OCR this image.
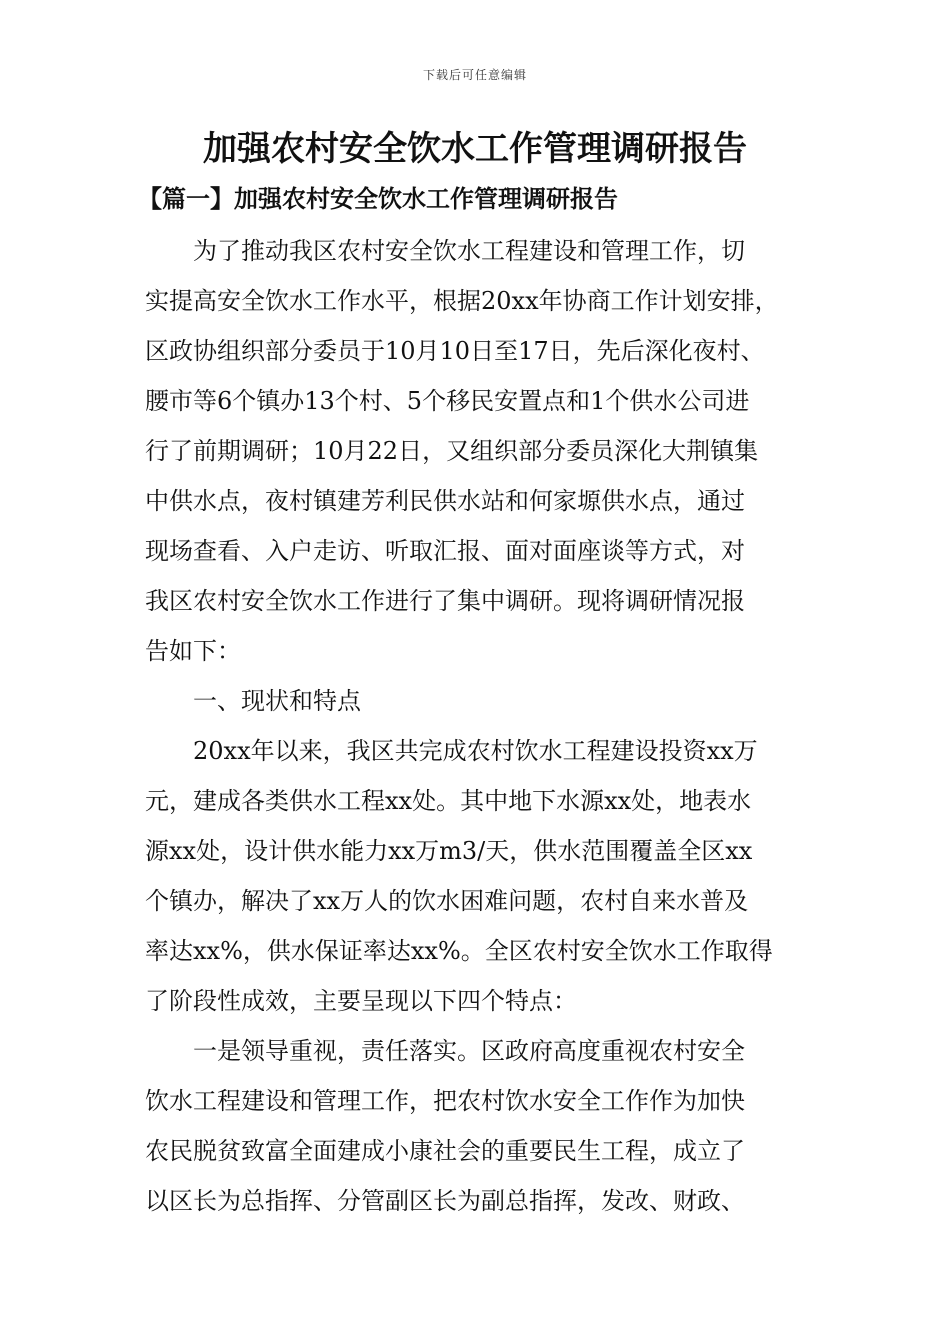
下载后可任意编辑
加强农村安全饮水工作管理调研报告
【篇一】加强农村安全饮水工作管理调研报告
为了推动我区农村安全饮水工程建设和管理工作，切
实提高安全饮水工作水平，根据20xx年协商工作计划安排，
区政协组织部分委员于10月10日至17日，先后深化夜村、
腰市等6个镇办13个村、5个移民安置点和1个供水公司进
行了前期调研；10月22日，又组织部分委员深化大荆镇集
中供水点，夜村镇建芳利民供水站和何家塬供水点，通过
现场查看、入户走访、听取汇报、面对面座谈等方式，对
我区农村安全饮水工作进行了集中调研。现将调研情况报
告如下：
一、现状和特点
20xx年以来，我区共完成农村饮水工程建设投资xx万
元，建成各类供水工程xx处。其中地下水源xx处，地表水
源xx处，设计供水能力xx万m3/天，供水范围覆盖全区xx
个镇办，解决了xx万人的饮水困难问题，农村自来水普及
率达xx%，供水保证率达xx%。全区农村安全饮水工作取得
了阶段性成效，主要呈现以下四个特点：
一是领导重视，责任落实。区政府高度重视农村安全
饮水工程建设和管理工作，把农村饮水安全工作作为加快
农民脱贫致富全面建成小康社会的重要民生工程，成立了
以区长为总指挥、分管副区长为副总指挥，发改、财政、
